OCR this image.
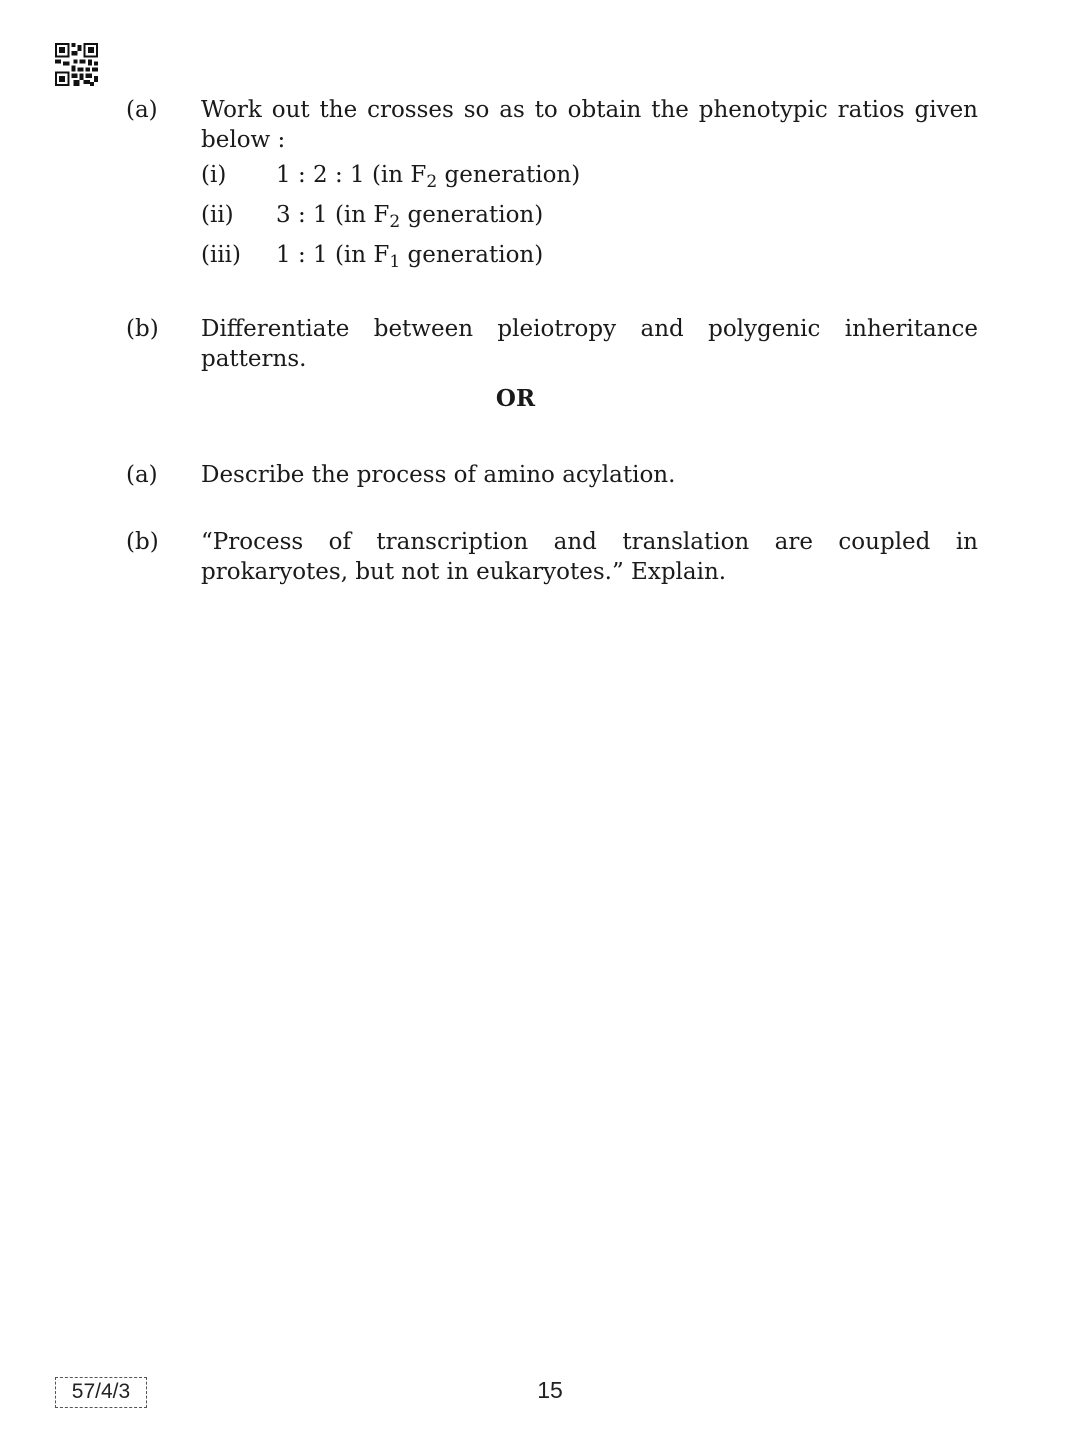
(a) Work out the crosses so as to obtain the phenotypic ratios given below :
(i) 1 : 2 : 1 (in $F_2$ generation)
(ii) 3 : 1 (in $F_2$ generation)
(iii) 1 : 1 (in $F_1$ generation)
(b) Differentiate between pleiotropy and polygenic inheritance patterns.
OR
(a) Describe the process of amino acylation.
(b) “Process of transcription and translation are coupled in prokaryotes, but not in eukaryotes.” Explain.
57/4/3	15
